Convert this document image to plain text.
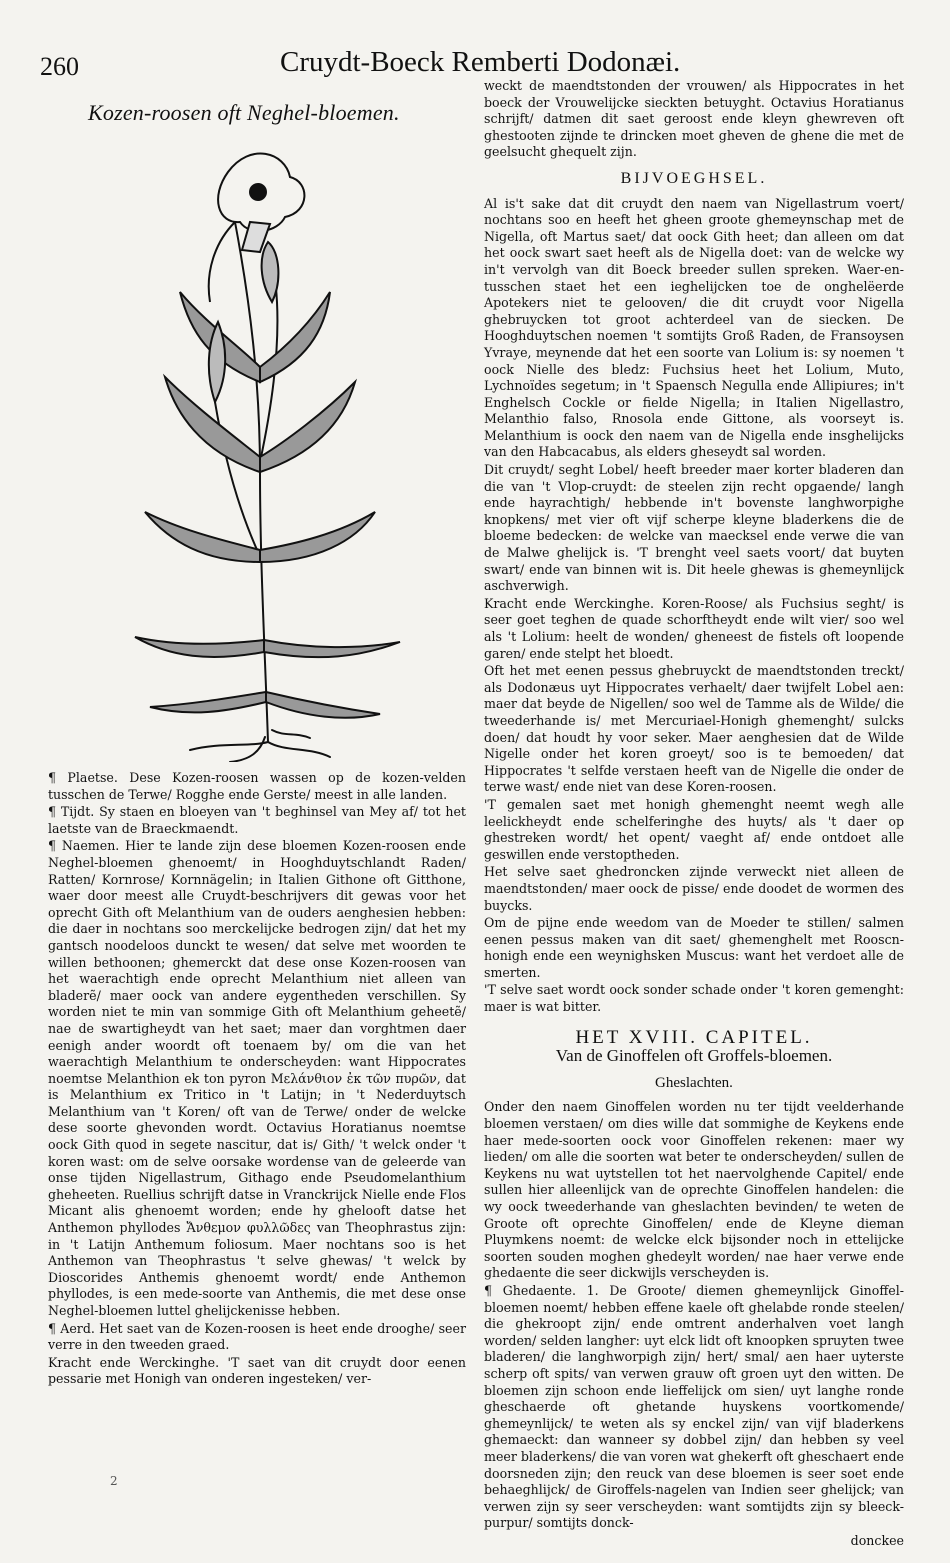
260	Cruydt-Boeck Remberti Dodonæi.
Kozen-roosen oft Neghel-bloemen.

¶ Plaetse. Dese Kozen-roosen wassen op de kozen-velden tusschen de Terwe/ Rogghe ende Gerste/ meest in alle landen.

¶ Tijdt. Sy staen en bloeyen van 't beghinsel van Mey af/ tot het laetste van de Braeckmaendt.

¶ Naemen. Hier te lande zijn dese bloemen Kozen-roosen ende Neghel-bloemen ghenoemt/ in Hooghduytschlandt Raden/ Ratten/ Kornrose/ Kornnägelin; in Italien Githone oft Gitthone, waer door meest alle Cruydt-beschrijvers dit gewas voor het oprecht Gith oft Melanthium van de ouders aenghesien hebben: die daer in nochtans soo merckelijcke bedrogen zijn/ dat het my gantsch noodeloos dunckt te wesen/ dat selve met woorden te willen bethoonen; ghemerckt dat dese onse Kozen-roosen van het waerachtigh ende oprecht Melanthium niet alleen van bladerẽ/ maer oock van andere eygentheden verschillen. Sy worden niet te min van sommige Gith oft Melanthium geheetẽ/ nae de swartigheydt van het saet; maer dan vorghtmen daer eenigh ander woordt oft toenaem by/ om die van het waerachtigh Melanthium te onderscheyden: want Hippocrates noemtse Melanthion ek ton pyron Μελάνθιον ἐκ τῶν πυρῶν, dat is Melanthium ex Tritico in 't Latijn; in 't Nederduytsch Melanthium van 't Koren/ oft van de Terwe/ onder de welcke dese soorte ghevonden wordt. Octavius Horatianus noemtse oock Gith quod in segete nascitur, dat is/ Gith/ 't welck onder 't koren wast: om de selve oorsake wordense van de geleerde van onse tijden Nigellastrum, Githago ende Pseudomelanthium gheheeten. Ruellius schrijft datse in Vranckrijck Nielle ende Flos Micant alis ghenoemt worden; ende hy ghelooft datse het Anthemon phyllodes Ἄνθεμον φυλλῶδες van Theophrastus zijn: in 't Latijn Anthemum foliosum. Maer nochtans soo is het Anthemon van Theophrastus 't selve ghewas/ 't welck by Dioscorides Anthemis ghenoemt wordt/ ende Anthemon phyllodes, is een mede-soorte van Anthemis, die met dese onse Neghel-bloemen luttel ghelijckenisse hebben.

¶ Aerd. Het saet van de Kozen-roosen is heet ende drooghe/ seer verre in den tweeden graed.

Kracht ende Werckinghe. 'T saet van dit cruydt door eenen pessarie met Honigh van onderen ingesteken/ ver-

weckt de maendtstonden der vrouwen/ als Hippocrates in het boeck der Vrouwelijcke sieckten betuyght. Octavius Horatianus schrijft/ datmen dit saet geroost ende kleyn ghewreven oft ghestooten zijnde te drincken moet gheven de ghene die met de geelsucht ghequelt zijn.

BIJVOEGHSEL.

Al is't sake dat dit cruydt den naem van Nigellastrum voert/ nochtans soo en heeft het gheen groote ghemeynschap met de Nigella, oft Martus saet/ dat oock Gith heet; dan alleen om dat het oock swart saet heeft als de Nigella doet: van de welcke wy in't vervolgh van dit Boeck breeder sullen spreken. Waer-en-tusschen staet het een ieghelijcken toe de onghelëerde Apotekers niet te gelooven/ die dit cruydt voor Nigella ghebruycken tot groot achterdeel van de siecken. De Hooghduytschen noemen 't somtijts Groß Raden, de Fransoysen Yvraye, meynende dat het een soorte van Lolium is: sy noemen 't oock Nielle des bledz: Fuchsius heet het Lolium, Muto, Lychnoïdes segetum; in 't Spaensch Negulla ende Allipiures; in't Enghelsch Cockle or fielde Nigella; in Italien Nigellastro, Melanthio falso, Rnosola ende Gittone, als voorseyt is. Melanthium is oock den naem van de Nigella ende insghelijcks van den Habcacabus, als elders gheseydt sal worden.

Dit cruydt/ seght Lobel/ heeft breeder maer korter bladeren dan die van 't Vlop-cruydt: de steelen zijn recht opgaende/ langh ende hayrachtigh/ hebbende in't bovenste langhworpighe knopkens/ met vier oft vijf scherpe kleyne bladerkens die de bloeme bedecken: de welcke van maecksel ende verwe die van de Malwe ghelijck is. 'T brenght veel saets voort/ dat buyten swart/ ende van binnen wit is. Dit heele ghewas is ghemeynlijck aschverwigh.

Kracht ende Werckinghe. Koren-Roose/ als Fuchsius seght/ is seer goet teghen de quade schorftheydt ende wilt vier/ soo wel als 't Lolium: heelt de wonden/ gheneest de fistels oft loopende garen/ ende stelpt het bloedt.

Oft het met eenen pessus ghebruyckt de maendtstonden treckt/ als Dodonæus uyt Hippocrates verhaelt/ daer twijfelt Lobel aen: maer dat beyde de Nigellen/ soo wel de Tamme als de Wilde/ die tweederhande is/ met Mercuriael-Honigh ghemenght/ sulcks doen/ dat houdt hy voor seker. Maer aenghesien dat de Wilde Nigelle onder het koren groeyt/ soo is te bemoeden/ dat Hippocrates 't selfde verstaen heeft van de Nigelle die onder de terwe wast/ ende niet van dese Koren-roosen.

'T gemalen saet met honigh ghemenght neemt wegh alle leelickheydt ende schelferinghe des huyts/ als 't daer op ghestreken wordt/ het opent/ vaeght af/ ende ontdoet alle geswillen ende verstoptheden.

Het selve saet ghedroncken zijnde verweckt niet alleen de maendtstonden/ maer oock de pisse/ ende doodet de wormen des buycks.

Om de pijne ende weedom van de Moeder te stillen/ salmen eenen pessus maken van dit saet/ ghemenghelt met Rooscn-honigh ende een weynighsken Muscus: want het verdoet alle de smerten.

'T selve saet wordt oock sonder schade onder 't koren gemenght: maer is wat bitter.

HET XVIII. CAPITEL.
Van de Ginoffelen oft Groffels-bloemen.
Gheslachten.

Onder den naem Ginoffelen worden nu ter tijdt veelderhande bloemen verstaen/ om dies wille dat sommighe de Keykens ende haer mede-soorten oock voor Ginoffelen rekenen: maer wy lieden/ om alle die soorten wat beter te onderscheyden/ sullen de Keykens nu wat uytstellen tot het naervolghende Capitel/ ende sullen hier alleenlijck van de oprechte Ginoffelen handelen: die wy oock tweederhande van gheslachten bevinden/ te weten de Groote oft oprechte Ginoffelen/ ende de Kleyne dieman Pluymkens noemt: de welcke elck bijsonder noch in ettelijcke soorten souden moghen ghedeylt worden/ nae haer verwe ende ghedaente die seer dickwijls verscheyden is.

¶ Ghedaente. 1. De Groote/ diemen ghemeynlijck Ginoffel-bloemen noemt/ hebben effene kaele oft ghelabde ronde steelen/ die ghekroopt zijn/ ende omtrent anderhalven voet langh worden/ selden langher: uyt elck lidt oft knoopken spruyten twee bladeren/ die langhworpigh zijn/ hert/ smal/ aen haer uyterste scherp oft spits/ van verwen grauw oft groen uyt den witten. De bloemen zijn schoon ende lieffelijck om sien/ uyt langhe ronde gheschaerde oft ghetande huyskens voortkomende/ ghemeynlijck/ te weten als sy enckel zijn/ van vijf bladerkens ghemaeckt: dan wanneer sy dobbel zijn/ dan hebben sy veel meer bladerkens/ die van voren wat ghekerft oft gheschaert ende doorsneden zijn; den reuck van dese bloemen is seer soet ende behaeghlijck/ de Giroffels-nagelen van Indien seer ghelijck; van verwen zijn sy seer verscheyden: want somtijdts zijn sy bleeck-purpur/ somtijts donck-

donckee

2
